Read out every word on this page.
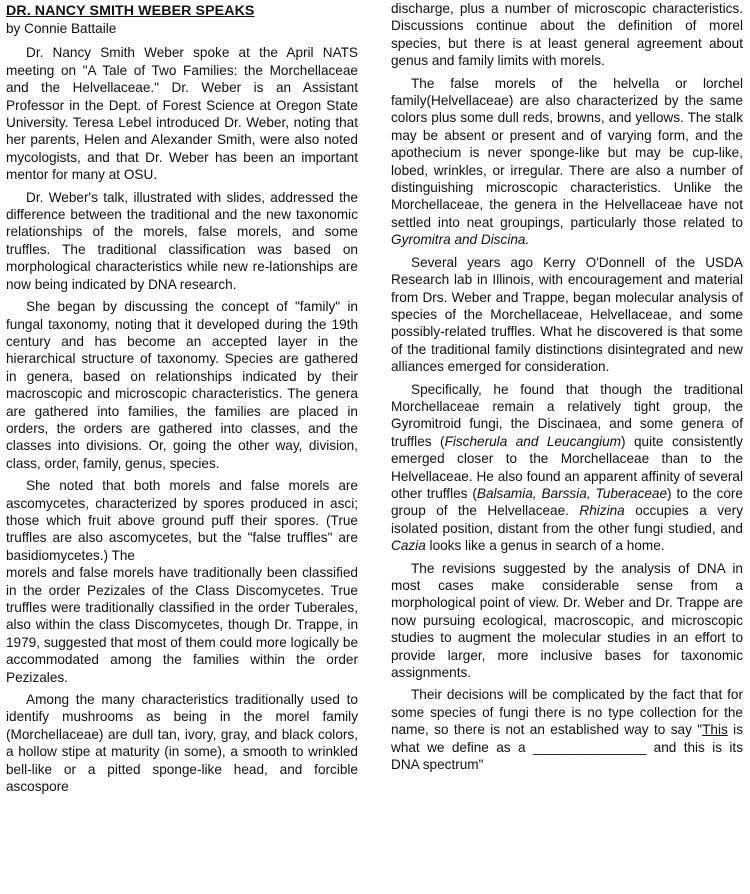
DR. NANCY SMITH WEBER SPEAKS
by Connie Battaile

Dr. Nancy Smith Weber spoke at the April NATS meeting on "A Tale of Two Families: the Morchellaceae and the Helvellaceae." Dr. Weber is an Assistant Professor in the Dept. of Forest Science at Oregon State University. Teresa Lebel introduced Dr. Weber, noting that her parents, Helen and Alexander Smith, were also noted mycologists, and that Dr. Weber has been an important mentor for many at OSU.

Dr. Weber's talk, illustrated with slides, addressed the difference between the traditional and the new taxonomic relationships of the morels, false morels, and some truffles. The traditional classification was based on morphological characteristics while new re-lationships are now being indicated by DNA research.

She began by discussing the concept of "family" in fungal taxonomy, noting that it developed during the 19th century and has become an accepted layer in the hierarchical structure of taxonomy. Species are gathered in genera, based on relationships indicated by their macroscopic and microscopic characteristics. The genera are gathered into families, the families are placed in orders, the orders are gathered into classes, and the classes into divisions. Or, going the other way, division, class, order, family, genus, species.

She noted that both morels and false morels are ascomycetes, characterized by spores produced in asci; those which fruit above ground puff their spores. (True truffles are also ascomycetes, but the "false truffles" are basidiomycetes.) The

morels and false morels have traditionally been classified in the order Pezizales of the Class Discomycetes. True truffles were traditionally classified in the order Tuberales, also within the class Discomycetes, though Dr. Trappe, in 1979, suggested that most of them could more logically be accommodated among the families within the order Pezizales.

Among the many characteristics traditionally used to identify mushrooms as being in the morel family (Morchellaceae) are dull tan, ivory, gray, and black colors, a hollow stipe at maturity (in some), a smooth to wrinkled bell-like or a pitted sponge-like head, and forcible ascospore

discharge, plus a number of microscopic characteristics. Discussions continue about the definition of morel species, but there is at least general agreement about genus and family limits with morels.

The false morels of the helvella or lorchel family(Helvellaceae) are also characterized by the same colors plus some dull reds, browns, and yellows. The stalk may be absent or present and of varying form, and the apothecium is never sponge-like but may be cup-like, lobed, wrinkles, or irregular. There are also a number of distinguishing microscopic characteristics. Unlike the Morchellaceae, the genera in the Helvellaceae have not settled into neat groupings, particularly those related to Gyromitra and Discina.

Several years ago Kerry O'Donnell of the USDA Research lab in Illinois, with encouragement and material from Drs. Weber and Trappe, began molecular analysis of species of the Morchellaceae, Helvellaceae, and some possibly-related truffles. What he discovered is that some of the traditional family distinctions disintegrated and new alliances emerged for consideration.

Specifically, he found that though the traditional Morchellaceae remain a relatively tight group, the Gyromitroid fungi, the Discinaea, and some genera of truffles (Fischerula and Leucangium) quite consistently emerged closer to the Morchellaceae than to the Helvellaceae. He also found an apparent affinity of several other truffles (Balsamia, Barssia, Tuberaceae) to the core group of the Helvellaceae. Rhizina occupies a very isolated position, distant from the other fungi studied, and Cazia looks like a genus in search of a home.

The revisions suggested by the analysis of DNA in most cases make considerable sense from a morphological point of view. Dr. Weber and Dr. Trappe are now pursuing ecological, macroscopic, and microscopic studies to augment the molecular studies in an effort to provide larger, more inclusive bases for taxonomic assignments.

Their decisions will be complicated by the fact that for some species of fungi there is no type collection for the name, so there is not an established way to say "This is what we define as a _______________ and this is its DNA spectrum"
